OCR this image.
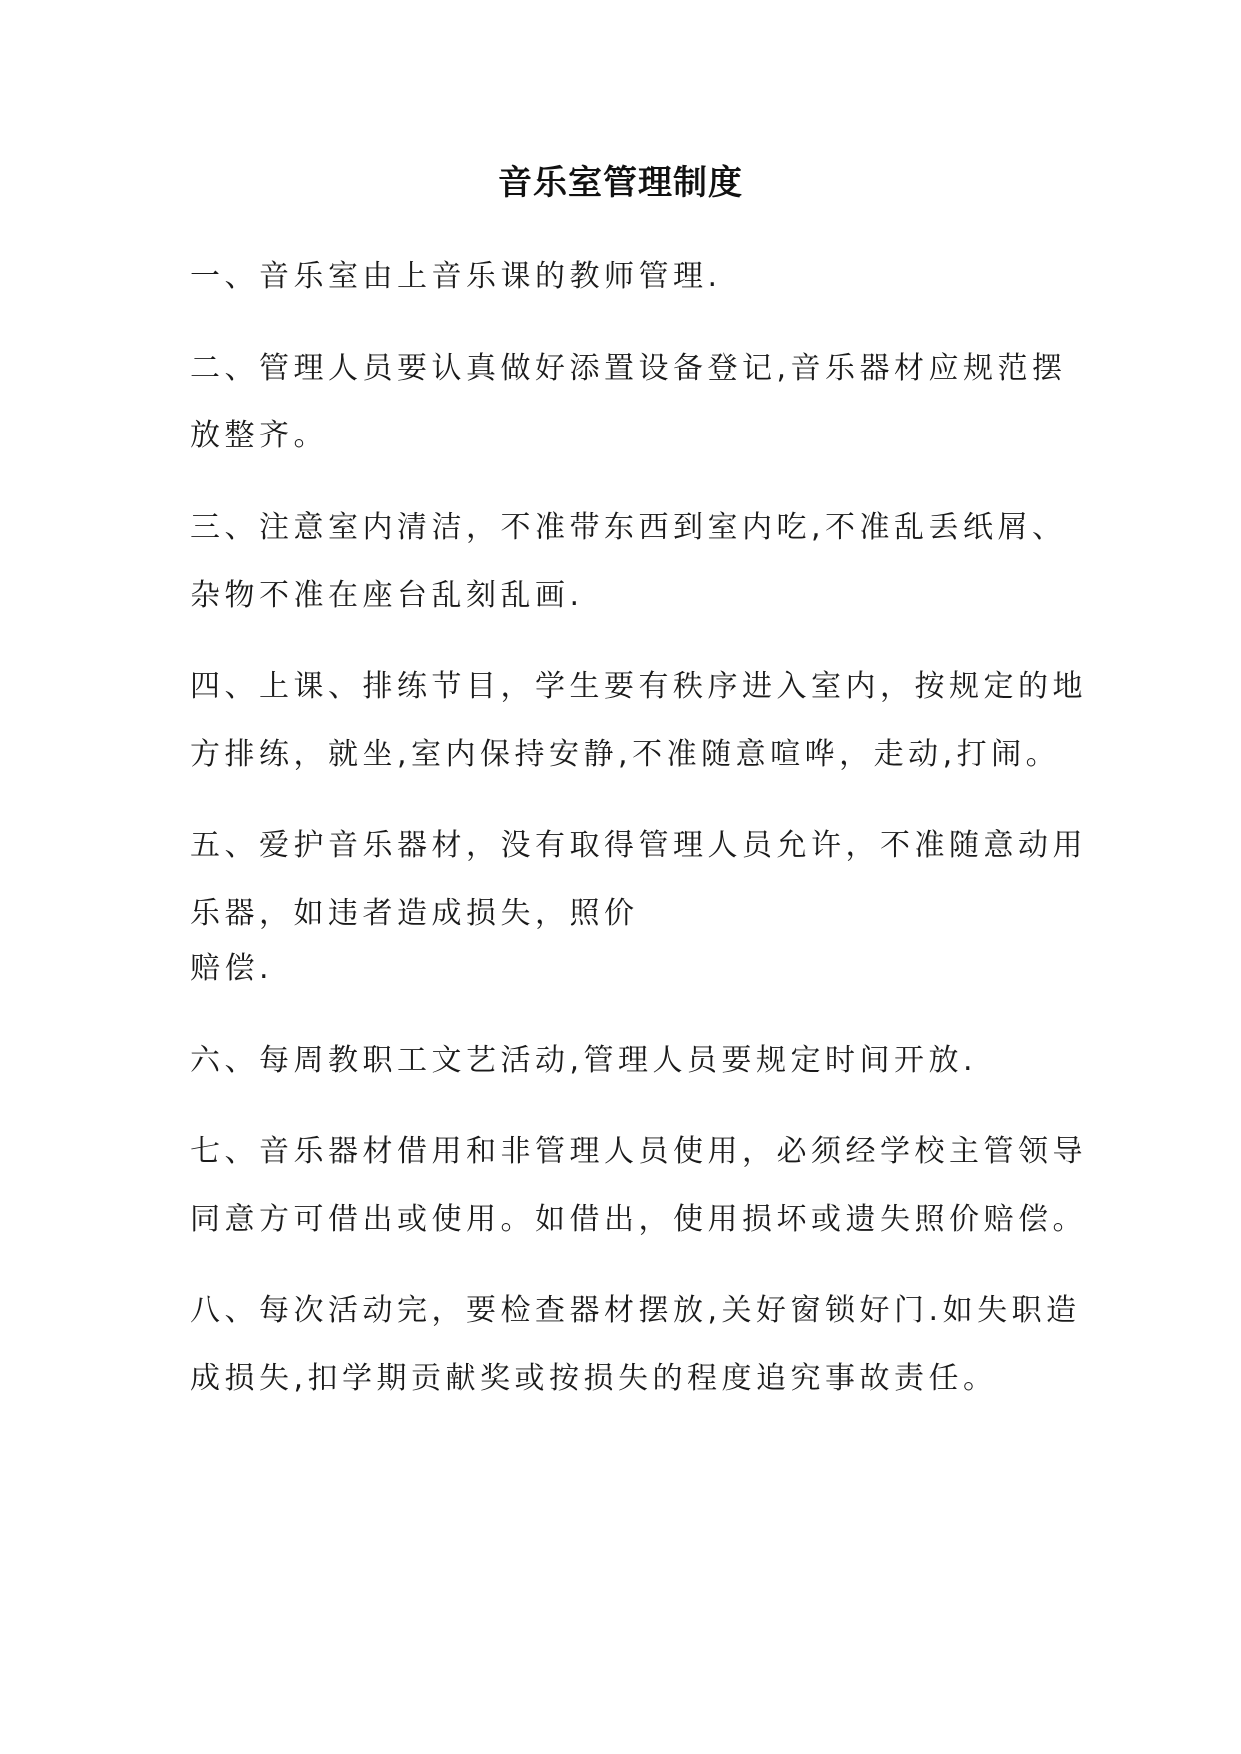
音乐室管理制度
一、音乐室由上音乐课的教师管理.
二、管理人员要认真做好添置设备登记,音乐器材应规范摆
放整齐。
三、注意室内清洁，不准带东西到室内吃,不准乱丢纸屑、
杂物不准在座台乱刻乱画.
四、上课、排练节目，学生要有秩序进入室内，按规定的地
方排练，就坐,室内保持安静,不准随意喧哗，走动,打闹。
五、爱护音乐器材，没有取得管理人员允许，不准随意动用
乐器，如违者造成损失，照价
赔偿.
六、每周教职工文艺活动,管理人员要规定时间开放.
七、音乐器材借用和非管理人员使用，必须经学校主管领导
同意方可借出或使用。如借出，使用损坏或遗失照价赔偿。
八、每次活动完，要检查器材摆放,关好窗锁好门.如失职造
成损失,扣学期贡献奖或按损失的程度追究事故责任。
